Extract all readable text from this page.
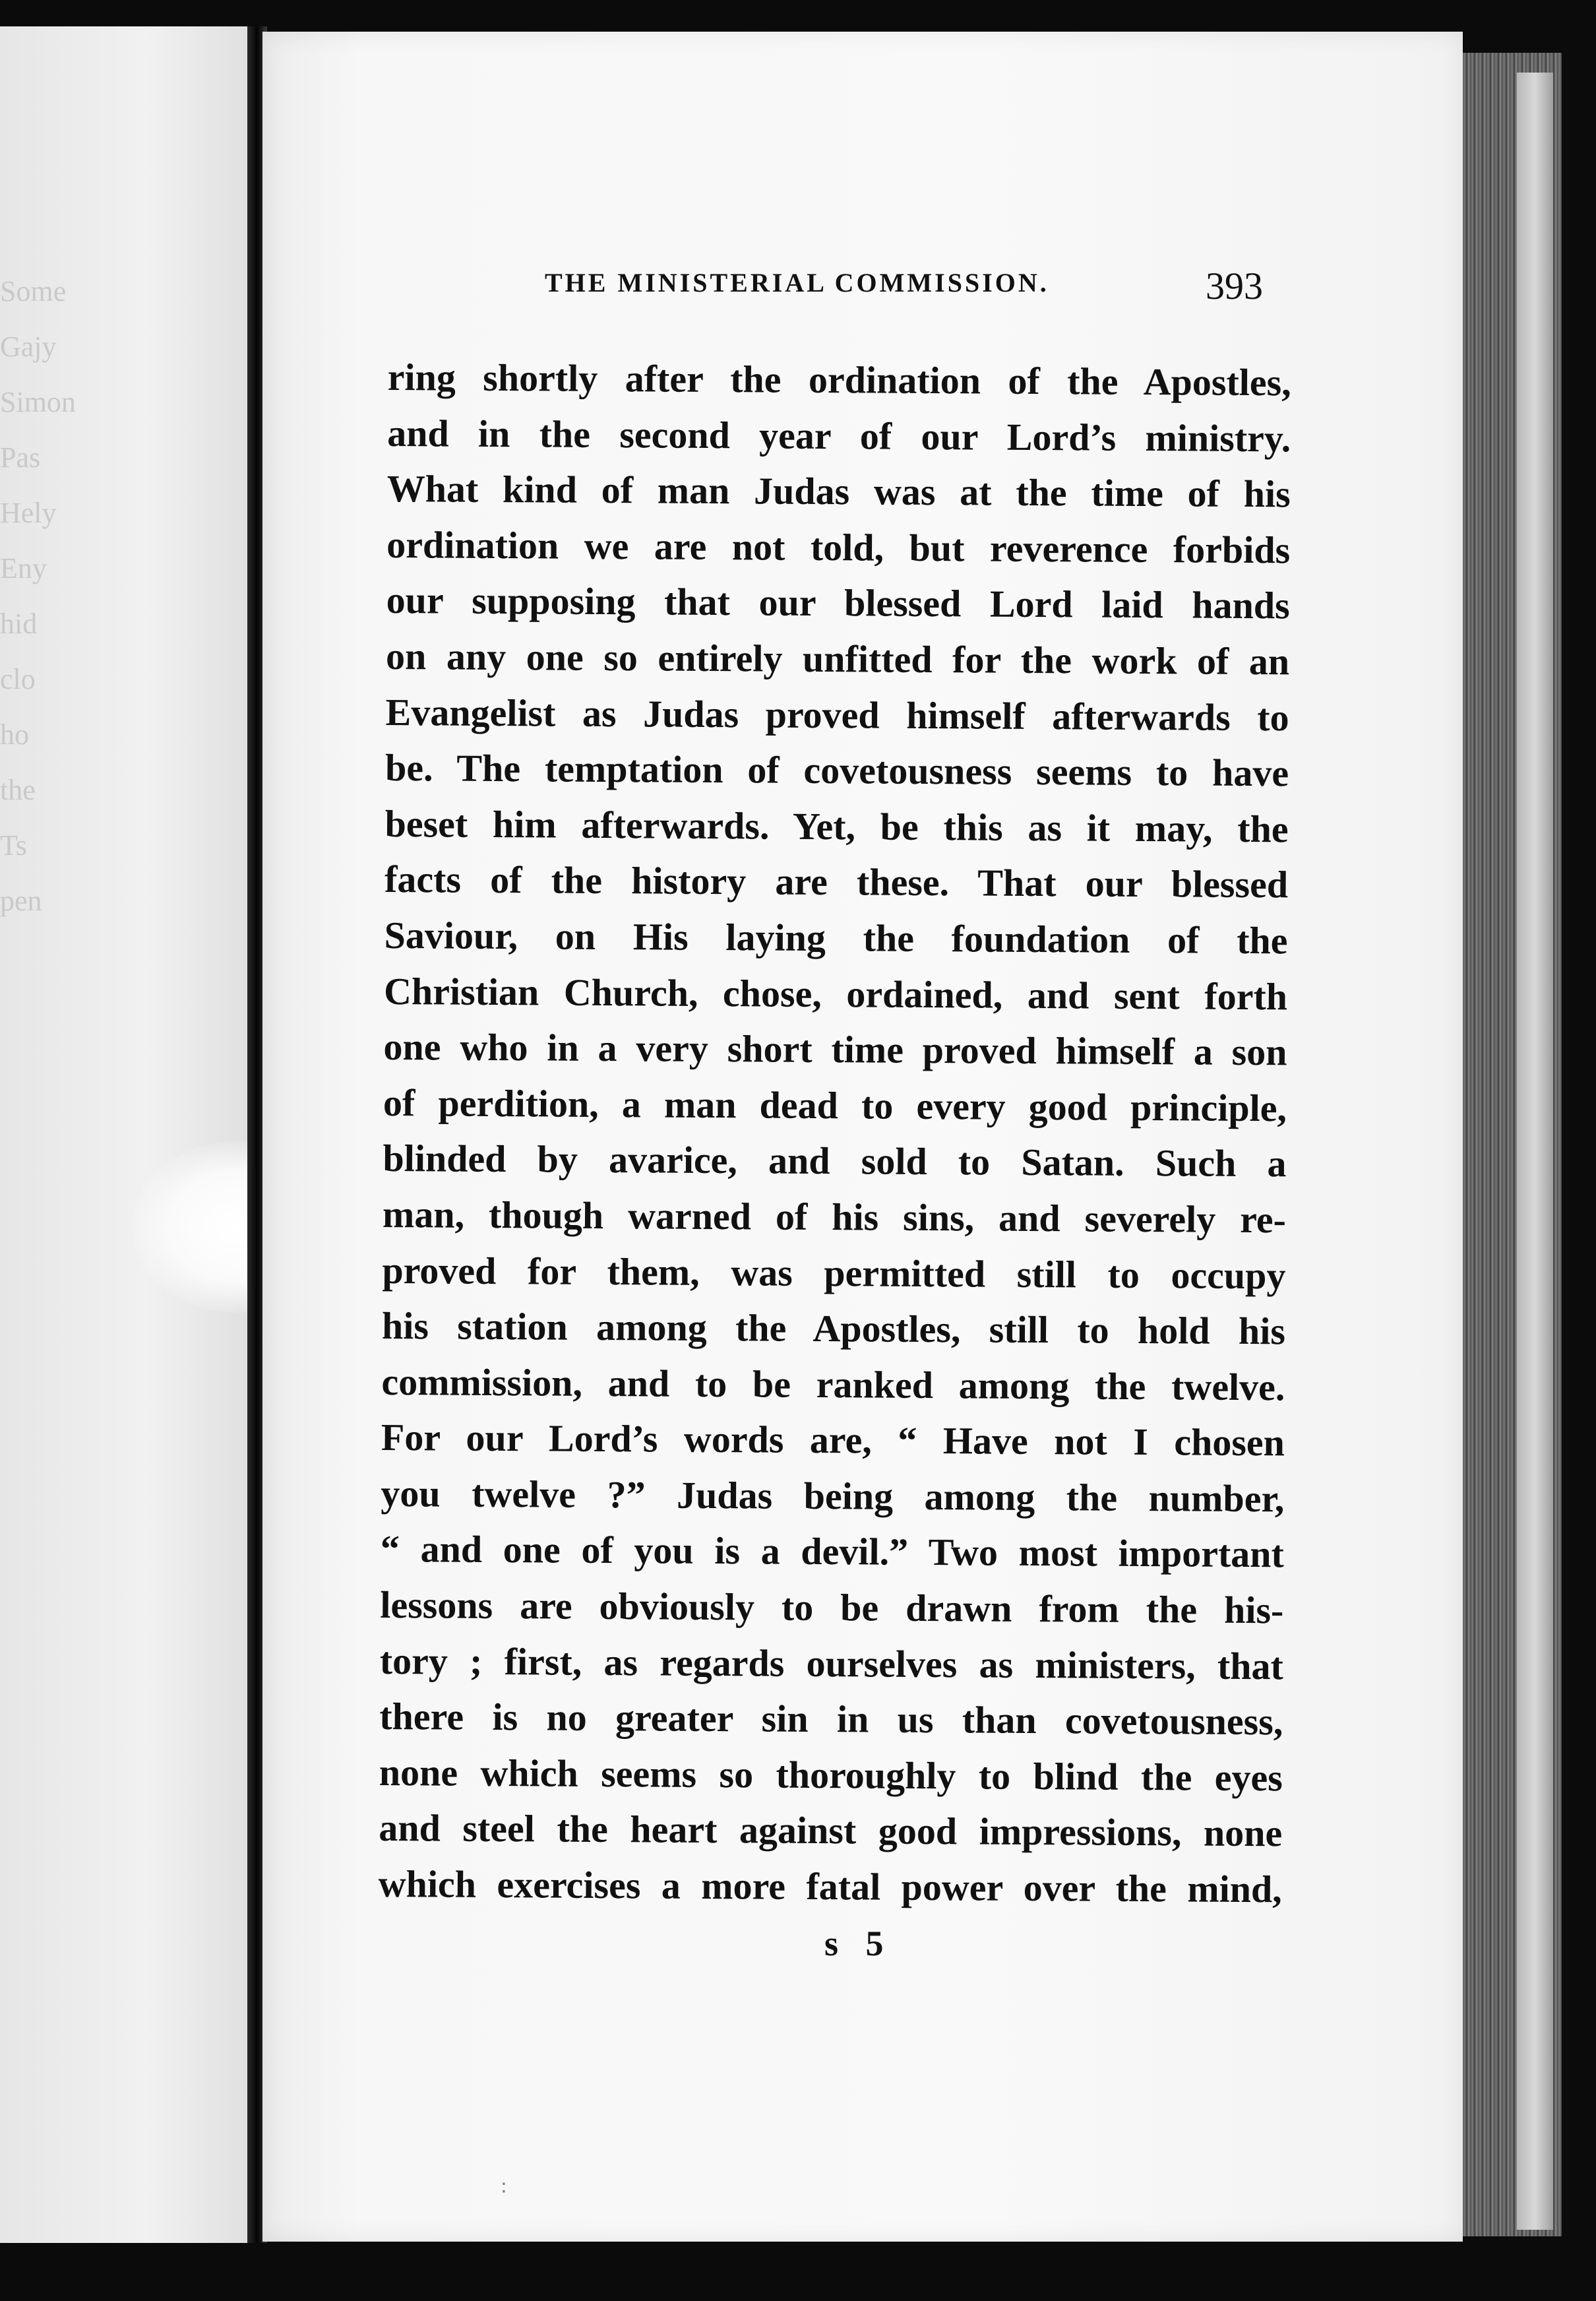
Some
Gajy
Simon
Pas
Hely
Eny
hid
clo
ho
the
Ts
pen
THE MINISTERIAL COMMISSION.	393
ring shortly after the ordination of the Apostles,
and in the second year of our Lord’s ministry.
What kind of man Judas was at the time of his
ordination we are not told, but reverence forbids
our supposing that our blessed Lord laid hands
on any one so entirely unfitted for the work of an
Evangelist as Judas proved himself afterwards to
be. The temptation of covetousness seems to have
beset him afterwards. Yet, be this as it may, the
facts of the history are these. That our blessed
Saviour, on His laying the foundation of the
Christian Church, chose, ordained, and sent forth
one who in a very short time proved himself a son
of perdition, a man dead to every good principle,
blinded by avarice, and sold to Satan. Such a
man, though warned of his sins, and severely re-
proved for them, was permitted still to occupy
his station among the Apostles, still to hold his
commission, and to be ranked among the twelve.
For our Lord’s words are, “ Have not I chosen
you twelve ?” Judas being among the number,
“ and one of you is a devil.” Two most important
lessons are obviously to be drawn from the his-
tory ; first, as regards ourselves as ministers, that
there is no greater sin in us than covetousness,
none which seems so thoroughly to blind the eyes
and steel the heart against good impressions, none
which exercises a more fatal power over the mind,
s 5
∶
